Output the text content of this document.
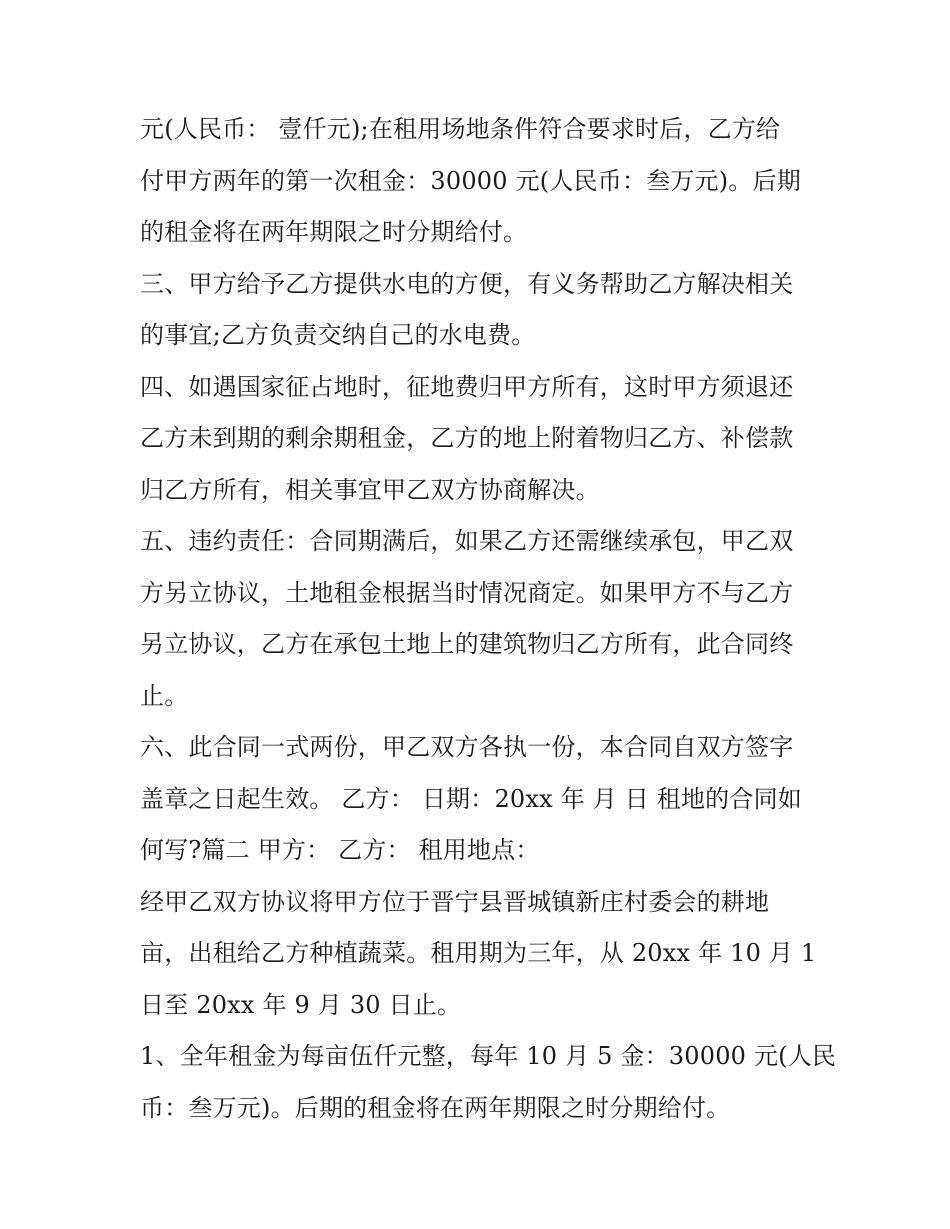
元(人民币： 壹仟元);在租用场地条件符合要求时后，乙方给
付甲方两年的第一次租金：30000 元(人民币：叁万元)。后期
的租金将在两年期限之时分期给付。
三、甲方给予乙方提供水电的方便，有义务帮助乙方解决相关
的事宜;乙方负责交纳自己的水电费。
四、如遇国家征占地时，征地费归甲方所有，这时甲方须退还
乙方未到期的剩余期租金，乙方的地上附着物归乙方、补偿款
归乙方所有，相关事宜甲乙双方协商解决。
五、违约责任：合同期满后，如果乙方还需继续承包，甲乙双
方另立协议，土地租金根据当时情况商定。如果甲方不与乙方
另立协议，乙方在承包土地上的建筑物归乙方所有，此合同终
止。
六、此合同一式两份，甲乙双方各执一份，本合同自双方签字
盖章之日起生效。 乙方： 日期：20xx 年 月 日 租地的合同如
何写?篇二 甲方： 乙方： 租用地点：
经甲乙双方协议将甲方位于晋宁县晋城镇新庄村委会的耕地
亩，出租给乙方种植蔬菜。租用期为三年，从 20xx 年 10 月 1
日至 20xx 年 9 月 30 日止。
1、全年租金为每亩伍仟元整，每年 10 月 5 金：30000 元(人民
币：叁万元)。后期的租金将在两年期限之时分期给付。
